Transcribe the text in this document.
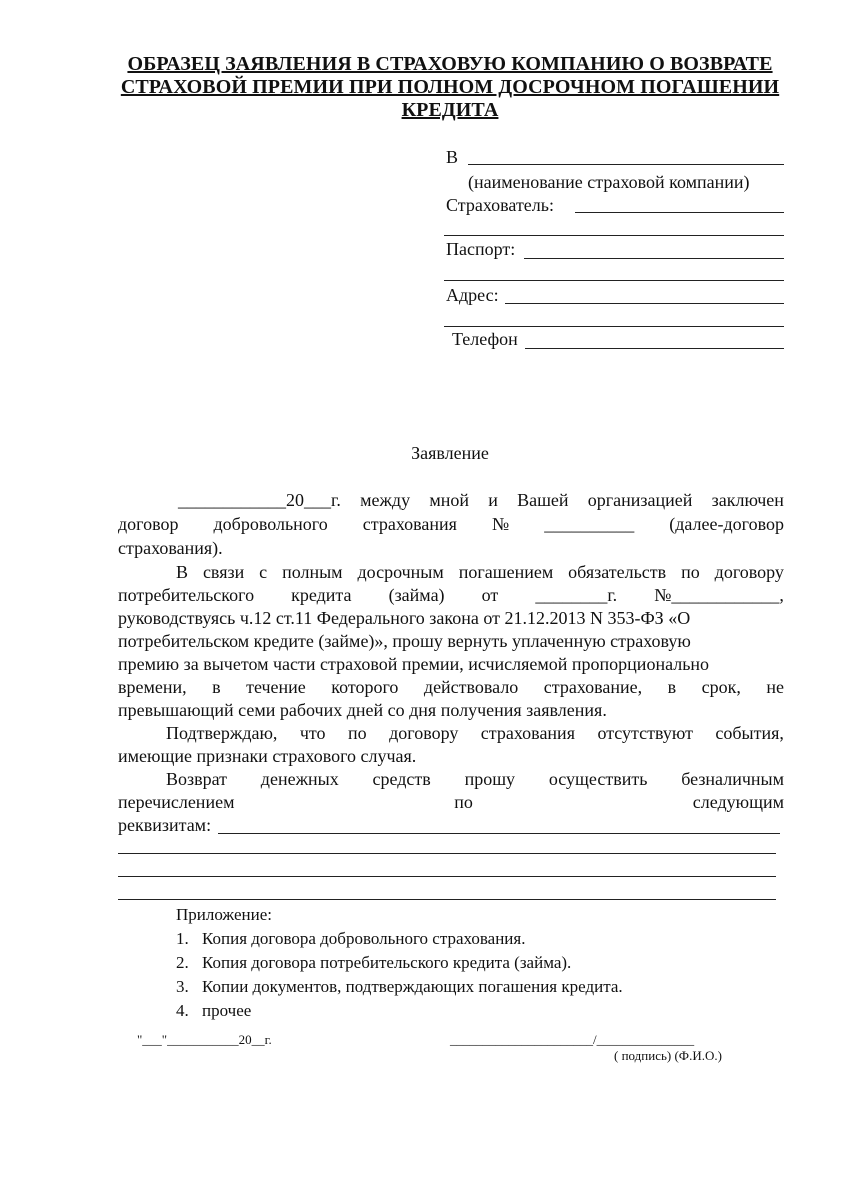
ОБРАЗЕЦ ЗАЯВЛЕНИЯ В СТРАХОВУЮ КОМПАНИЮ О ВОЗВРАТЕ
СТРАХОВОЙ ПРЕМИИ ПРИ ПОЛНОМ ДОСРОЧНОМ ПОГАШЕНИИ
КРЕДИТА
В
(наименование страховой компании)
Страхователь:
Паспорт:
Адрес:
Телефон
Заявление
____________20___г. между мной и Вашей организацией заключен
договор добровольного страхования № __________ (далее-договор
страхования).
В связи с полным досрочным погашением обязательств по договору
потребительского кредита (займа) от ________г. №____________,
руководствуясь ч.12 ст.11 Федерального закона от 21.12.2013 N 353-ФЗ «О
потребительском кредите (займе)», прошу вернуть уплаченную страховую
премию за вычетом части страховой премии, исчисляемой пропорционально
времени, в течение которого действовало страхование, в срок, не
превышающий семи рабочих дней со дня получения заявления.
Подтверждаю, что по договору страхования отсутствуют события,
имеющие признаки страхового случая.
Возврат денежных средств прошу осуществить безналичным
перечислением	по	следующим
реквизитам:
Приложение:
1. Копия договора добровольного страхования.
2. Копия договора потребительского кредита (займа).
3. Копии документов, подтверждающих погашения кредита.
4. прочее
"___"___________20__г.	______________________/_______________
( подпись) (Ф.И.О.)
